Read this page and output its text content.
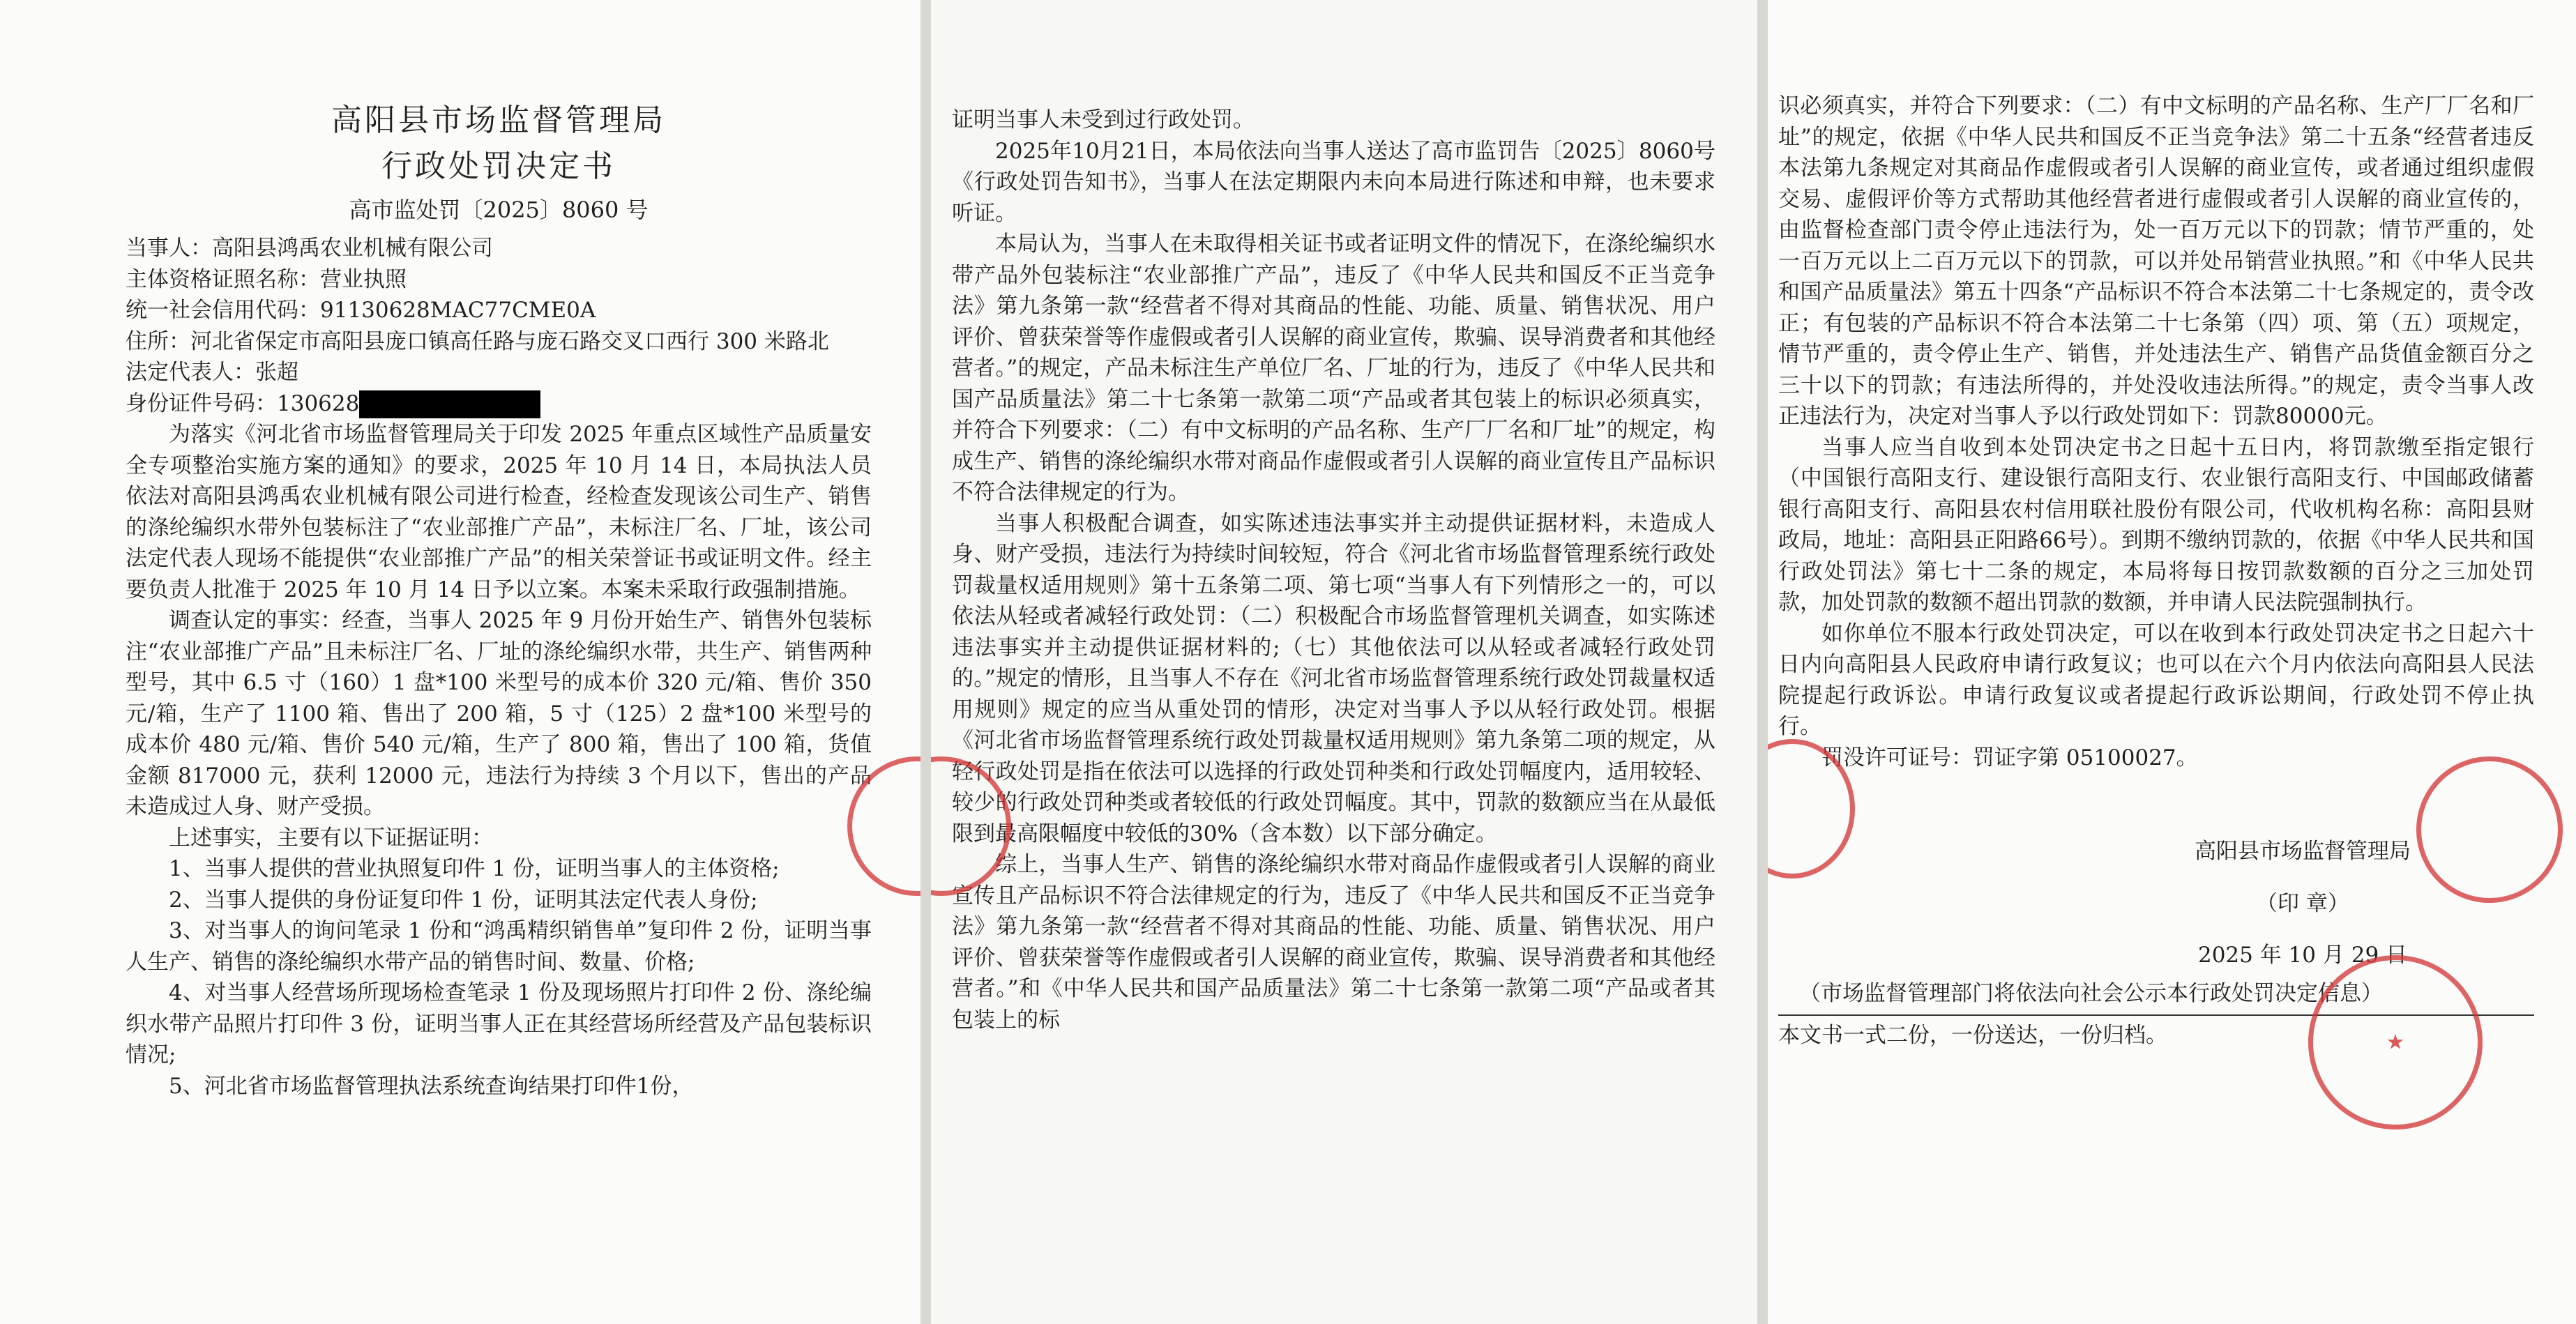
高阳县市场监督管理局
行政处罚决定书
高市监处罚〔2025〕8060 号

当事人：高阳县鸿禹农业机械有限公司

主体资格证照名称：营业执照

统一社会信用代码：91130628MAC77CME0A

住所：河北省保定市高阳县庞口镇高任路与庞石路交叉口西行 300 米路北

法定代表人：张超

身份证件号码：130628

为落实《河北省市场监督管理局关于印发 2025 年重点区域性产品质量安全专项整治实施方案的通知》的要求，2025 年 10 月 14 日，本局执法人员依法对高阳县鸿禹农业机械有限公司进行检查，经检查发现该公司生产、销售的涤纶编织水带外包装标注了“农业部推广产品”，未标注厂名、厂址，该公司法定代表人现场不能提供“农业部推广产品”的相关荣誉证书或证明文件。经主要负责人批准于 2025 年 10 月 14 日予以立案。本案未采取行政强制措施。

调查认定的事实：经查，当事人 2025 年 9 月份开始生产、销售外包装标注“农业部推广产品”且未标注厂名、厂址的涤纶编织水带，共生产、销售两种型号，其中 6.5 寸（160）1 盘*100 米型号的成本价 320 元/箱、售价 350 元/箱，生产了 1100 箱、售出了 200 箱，5 寸（125）2 盘*100 米型号的成本价 480 元/箱、售价 540 元/箱，生产了 800 箱，售出了 100 箱，货值金额 817000 元，获利 12000 元，违法行为持续 3 个月以下，售出的产品未造成过人身、财产受损。

上述事实，主要有以下证据证明：

1、当事人提供的营业执照复印件 1 份，证明当事人的主体资格;

2、当事人提供的身份证复印件 1 份，证明其法定代表人身份;

3、对当事人的询问笔录 1 份和“鸿禹精织销售单”复印件 2 份，证明当事人生产、销售的涤纶编织水带产品的销售时间、数量、价格;

4、对当事人经营场所现场检查笔录 1 份及现场照片打印件 2 份、涤纶编织水带产品照片打印件 3 份，证明当事人正在其经营场所经营及产品包装标识情况;

5、河北省市场监督管理执法系统查询结果打印件1份，

证明当事人未受到过行政处罚。

2025年10月21日，本局依法向当事人送达了高市监罚告〔2025〕8060号《行政处罚告知书》，当事人在法定期限内未向本局进行陈述和申辩，也未要求听证。

本局认为，当事人在未取得相关证书或者证明文件的情况下，在涤纶编织水带产品外包装标注“农业部推广产品”，违反了《中华人民共和国反不正当竞争法》第九条第一款“经营者不得对其商品的性能、功能、质量、销售状况、用户评价、曾获荣誉等作虚假或者引人误解的商业宣传，欺骗、误导消费者和其他经营者。”的规定，产品未标注生产单位厂名、厂址的行为，违反了《中华人民共和国产品质量法》第二十七条第一款第二项“产品或者其包装上的标识必须真实，并符合下列要求：（二）有中文标明的产品名称、生产厂厂名和厂址”的规定，构成生产、销售的涤纶编织水带对商品作虚假或者引人误解的商业宣传且产品标识不符合法律规定的行为。

当事人积极配合调查，如实陈述违法事实并主动提供证据材料，未造成人身、财产受损，违法行为持续时间较短，符合《河北省市场监督管理系统行政处罚裁量权适用规则》第十五条第二项、第七项“当事人有下列情形之一的，可以依法从轻或者减轻行政处罚：（二）积极配合市场监督管理机关调查，如实陈述违法事实并主动提供证据材料的;（七）其他依法可以从轻或者减轻行政处罚的。”规定的情形，且当事人不存在《河北省市场监督管理系统行政处罚裁量权适用规则》规定的应当从重处罚的情形，决定对当事人予以从轻行政处罚。根据《河北省市场监督管理系统行政处罚裁量权适用规则》第九条第二项的规定，从轻行政处罚是指在依法可以选择的行政处罚种类和行政处罚幅度内，适用较轻、较少的行政处罚种类或者较低的行政处罚幅度。其中，罚款的数额应当在从最低限到最高限幅度中较低的30%（含本数）以下部分确定。

综上，当事人生产、销售的涤纶编织水带对商品作虚假或者引人误解的商业宣传且产品标识不符合法律规定的行为，违反了《中华人民共和国反不正当竞争法》第九条第一款“经营者不得对其商品的性能、功能、质量、销售状况、用户评价、曾获荣誉等作虚假或者引人误解的商业宣传，欺骗、误导消费者和其他经营者。”和《中华人民共和国产品质量法》第二十七条第一款第二项“产品或者其包装上的标

识必须真实，并符合下列要求：（二）有中文标明的产品名称、生产厂厂名和厂址”的规定，依据《中华人民共和国反不正当竞争法》第二十五条“经营者违反本法第九条规定对其商品作虚假或者引人误解的商业宣传，或者通过组织虚假交易、虚假评价等方式帮助其他经营者进行虚假或者引人误解的商业宣传的，由监督检查部门责令停止违法行为，处一百万元以下的罚款；情节严重的，处一百万元以上二百万元以下的罚款，可以并处吊销营业执照。”和《中华人民共和国产品质量法》第五十四条“产品标识不符合本法第二十七条规定的，责令改正；有包装的产品标识不符合本法第二十七条第（四）项、第（五）项规定，情节严重的，责令停止生产、销售，并处违法生产、销售产品货值金额百分之三十以下的罚款；有违法所得的，并处没收违法所得。”的规定，责令当事人改正违法行为，决定对当事人予以行政处罚如下：罚款80000元。

当事人应当自收到本处罚决定书之日起十五日内，将罚款缴至指定银行（中国银行高阳支行、建设银行高阳支行、农业银行高阳支行、中国邮政储蓄银行高阳支行、高阳县农村信用联社股份有限公司，代收机构名称：高阳县财政局，地址：高阳县正阳路66号）。到期不缴纳罚款的，依据《中华人民共和国行政处罚法》第七十二条的规定，本局将每日按罚款数额的百分之三加处罚款，加处罚款的数额不超出罚款的数额，并申请人民法院强制执行。

如你单位不服本行政处罚决定，可以在收到本行政处罚决定书之日起六十日内向高阳县人民政府申请行政复议；也可以在六个月内依法向高阳县人民法院提起行政诉讼。申请行政复议或者提起行政诉讼期间，行政处罚不停止执行。

罚没许可证号：罚证字第 05100027。

高阳县市场监督管理局

（印 章）

2025 年 10 月 29 日

（市场监督管理部门将依法向社会公示本行政处罚决定信息）
本文书一式二份，一份送达，一份归档。	★
